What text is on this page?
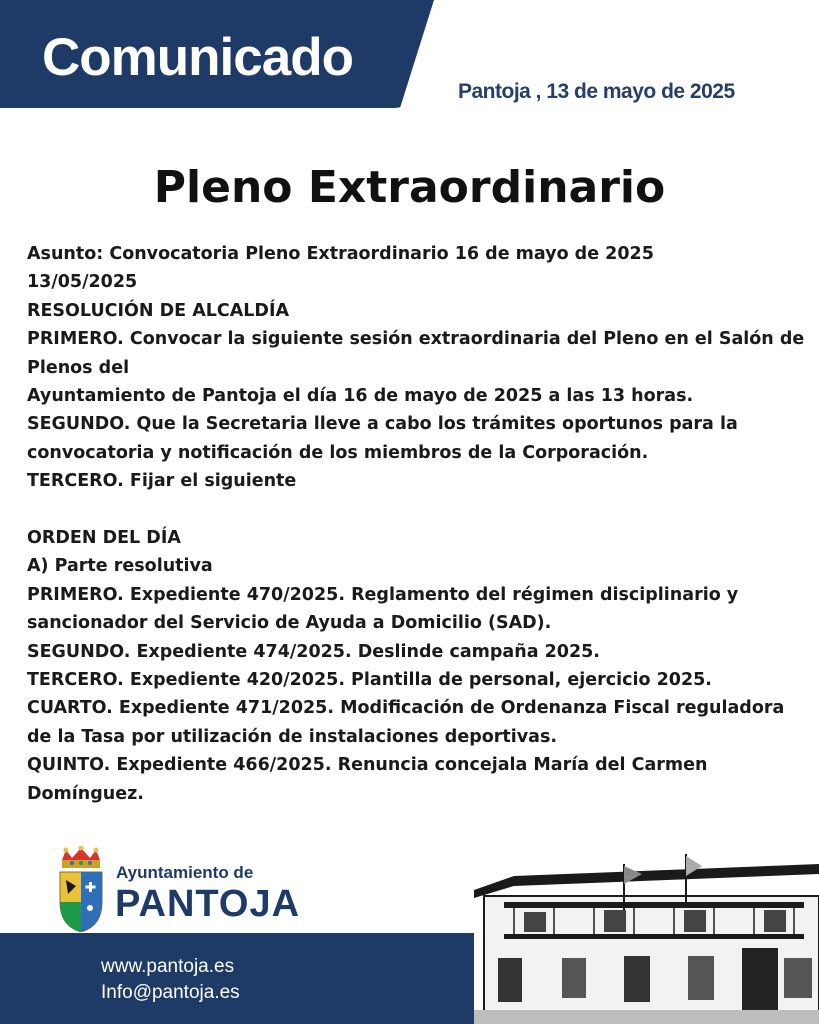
Comunicado
Pantoja , 13 de mayo de 2025
Pleno Extraordinario
Asunto: Convocatoria Pleno Extraordinario 16 de mayo de 2025
13/05/2025
RESOLUCIÓN DE ALCALDÍA
PRIMERO. Convocar la siguiente sesión extraordinaria del Pleno en el Salón de
Plenos del
Ayuntamiento de Pantoja el día 16 de mayo de 2025 a las 13 horas.
SEGUNDO. Que la Secretaria lleve a cabo los trámites oportunos para la
convocatoria y notificación de los miembros de la Corporación.
TERCERO. Fijar el siguiente
ORDEN DEL DÍA
A) Parte resolutiva
PRIMERO. Expediente 470/2025. Reglamento del régimen disciplinario y
sancionador del Servicio de Ayuda a Domicilio (SAD).
SEGUNDO. Expediente 474/2025. Deslinde campaña 2025.
TERCERO. Expediente 420/2025. Plantilla de personal, ejercicio 2025.
CUARTO. Expediente 471/2025. Modificación de Ordenanza Fiscal reguladora
de la Tasa por utilización de instalaciones deportivas.
QUINTO. Expediente 466/2025. Renuncia concejala María del Carmen
Domínguez.
Ayuntamiento de
PANTOJA
www.pantoja.es
Info@pantoja.es
